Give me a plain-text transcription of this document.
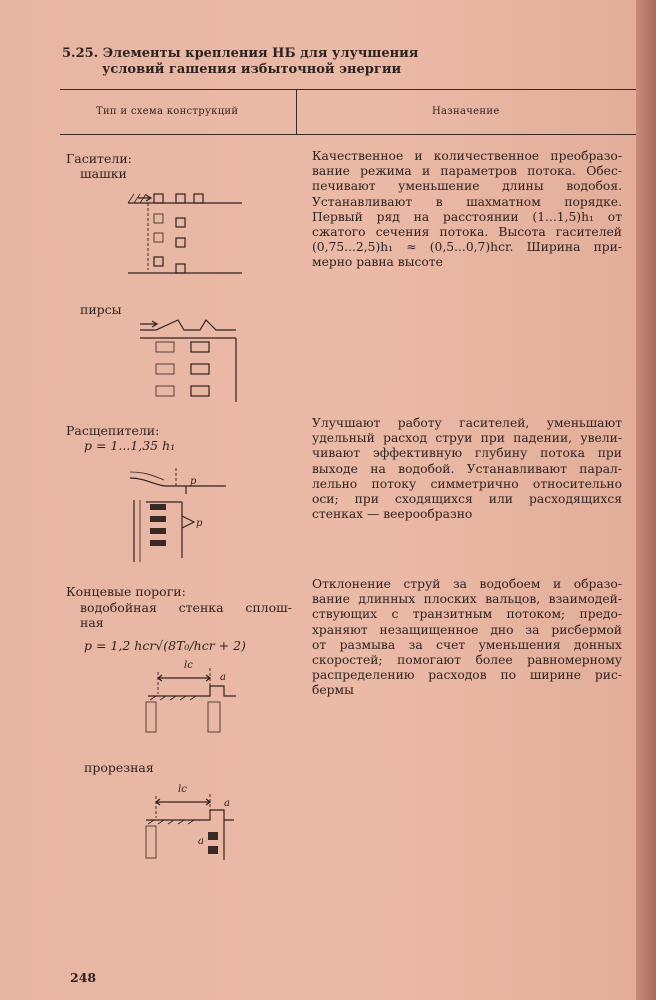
5.25. Элементы крепления НБ для улучшения
условий гашения избыточной энергии
Тип и схема конструкций	Назначение
Гасители:
шашки
пирсы
Качественное и количественное преобразо-
вание режима и параметров потока. Обес-
печивают уменьшение длины водобоя.
Устанавливают в шахматном порядке.
Первый ряд на расстоянии (1...1,5)h₁ от
сжатого сечения потока. Высота гасителей
(0,75...2,5)h₁ ≈ (0,5...0,7)hcr. Ширина при-
мерно равна высоте
Расщепители:
p = 1...1,35 h₁
p
p
Улучшают работу гасителей, уменьшают
удельный расход струи при падении, увели-
чивают эффективную глубину потока при
выходе на водобой. Устанавливают парал-
лельно потоку симметрично относительно
оси; при сходящихся или расходящихся
стенках — веерообразно
Концевые пороги:
водобойная стенка сплош-
ная
p = 1,2 hcr√(8T₀/hcr + 2)
lc
a
Отклонение струй за водобоем и образо-
вание длинных плоских вальцов, взаимодей-
ствующих с транзитным потоком; предо-
храняют незащищенное дно за рисбермой
от размыва за счет уменьшения донных
скоростей; помогают более равномерному
распределению расходов по ширине рис-
бермы
прорезная
lc
a
a
248
